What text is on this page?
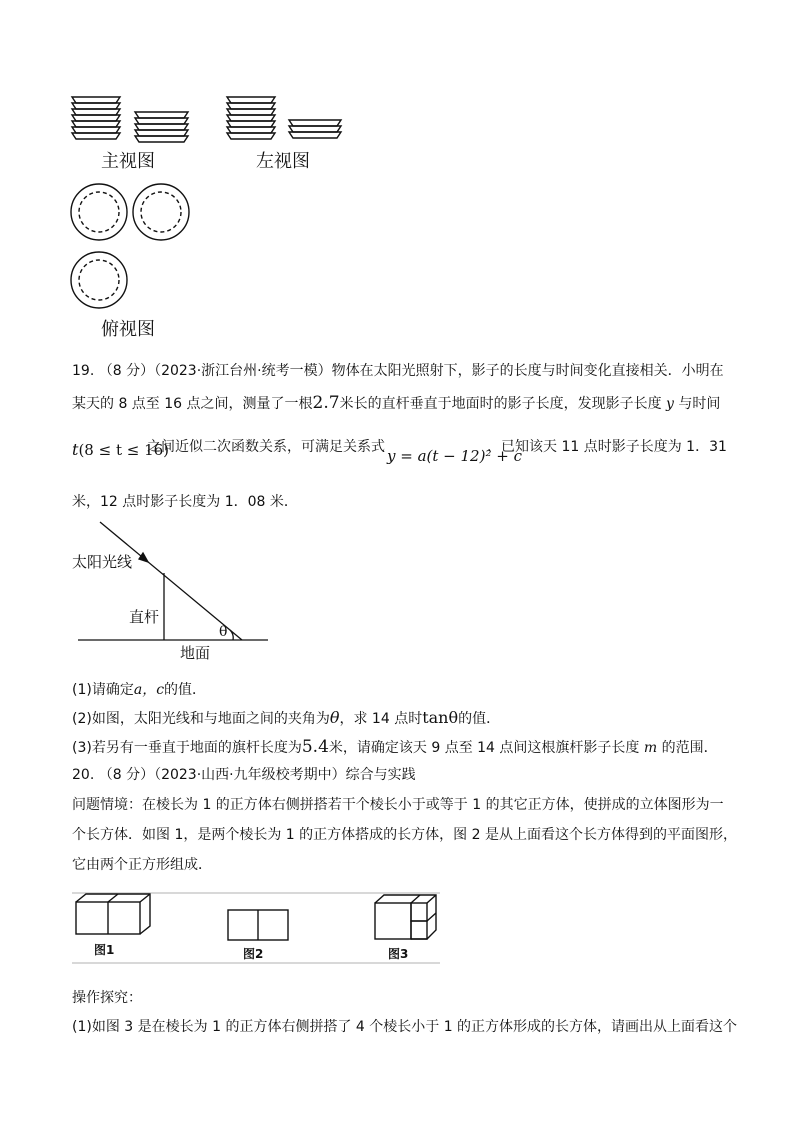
主视图	左视图
俯视图
19. （8 分）（2023·浙江台州·统考一模）物体在太阳光照射下，影子的长度与时间变化直接相关．小明在
某天的 8 点至 16 点之间，测量了一根2.7米长的直杆垂直于地面时的影子长度，发现影子长度 y 与时间
t(8 ≤ t ≤ 16)
之间近似二次函数关系，可满足关系式 y = a(t − 12)² + c
．已知该天 11 点时影子长度为 1．31
米，12 点时影子长度为 1．08 米．
太阳光线
直杆
地面
θ
(1)请确定a，c的值．
(2)如图，太阳光线和与地面之间的夹角为θ，求 14 点时tanθ的值．
(3)若另有一垂直于地面的旗杆长度为5.4米，请确定该天 9 点至 14 点间这根旗杆影子长度 m 的范围．
20. （8 分）（2023·山西·九年级校考期中）综合与实践
问题情境：在棱长为 1 的正方体右侧拼搭若干个棱长小于或等于 1 的其它正方体，使拼成的立体图形为一
个长方体．如图 1，是两个棱长为 1 的正方体搭成的长方体，图 2 是从上面看这个长方体得到的平面图形，
它由两个正方形组成．
图1	图2	图3
操作探究：
(1)如图 3 是在棱长为 1 的正方体右侧拼搭了 4 个棱长小于 1 的正方体形成的长方体，请画出从上面看这个
